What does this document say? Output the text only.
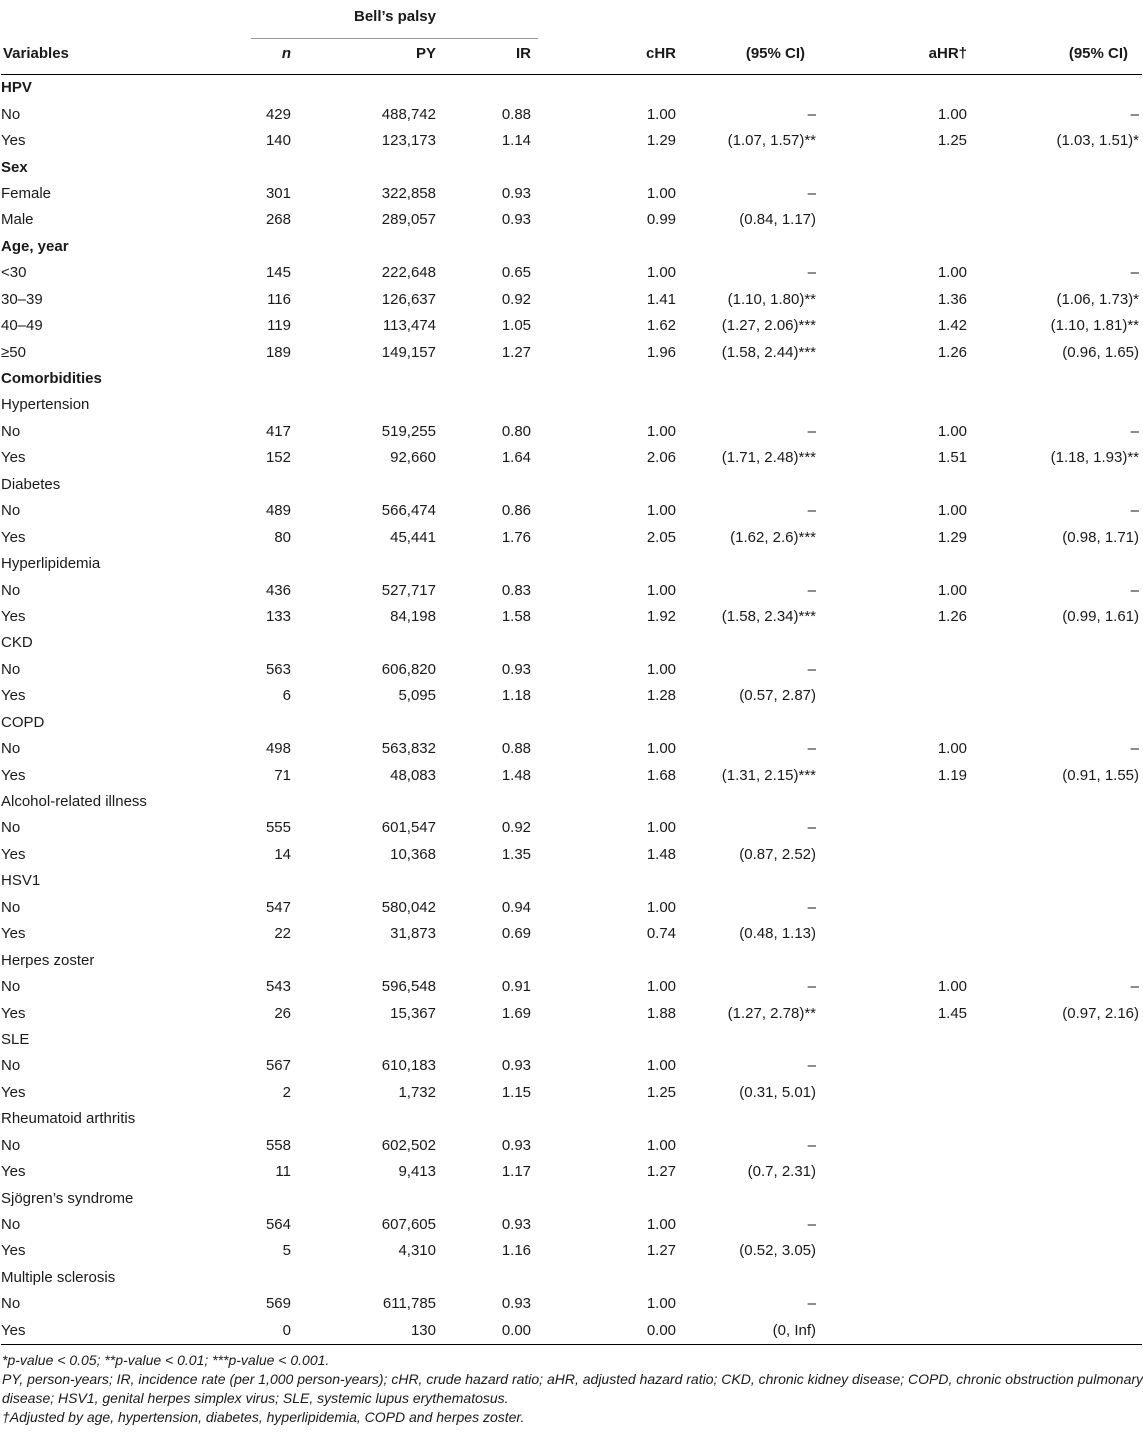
	Bell’s palsy						
Variables	n	PY	IR	cHR	(95% CI)	aHR†	(95% CI)
HPV							
No	429	488,742	0.88	1.00	–	1.00	–
Yes	140	123,173	1.14	1.29	(1.07, 1.57)**	1.25	(1.03, 1.51)*
Sex							
Female	301	322,858	0.93	1.00	–		
Male	268	289,057	0.93	0.99	(0.84, 1.17)		
Age, year							
<30	145	222,648	0.65	1.00	–	1.00	–
30–39	116	126,637	0.92	1.41	(1.10, 1.80)**	1.36	(1.06, 1.73)*
40–49	119	113,474	1.05	1.62	(1.27, 2.06)***	1.42	(1.10, 1.81)**
≥50	189	149,157	1.27	1.96	(1.58, 2.44)***	1.26	(0.96, 1.65)
Comorbidities							
Hypertension							
No	417	519,255	0.80	1.00	–	1.00	–
Yes	152	92,660	1.64	2.06	(1.71, 2.48)***	1.51	(1.18, 1.93)**
Diabetes							
No	489	566,474	0.86	1.00	–	1.00	–
Yes	80	45,441	1.76	2.05	(1.62, 2.6)***	1.29	(0.98, 1.71)
Hyperlipidemia							
No	436	527,717	0.83	1.00	–	1.00	–
Yes	133	84,198	1.58	1.92	(1.58, 2.34)***	1.26	(0.99, 1.61)
CKD							
No	563	606,820	0.93	1.00	–		
Yes	6	5,095	1.18	1.28	(0.57, 2.87)		
COPD							
No	498	563,832	0.88	1.00	–	1.00	–
Yes	71	48,083	1.48	1.68	(1.31, 2.15)***	1.19	(0.91, 1.55)
Alcohol-related illness							
No	555	601,547	0.92	1.00	–		
Yes	14	10,368	1.35	1.48	(0.87, 2.52)		
HSV1							
No	547	580,042	0.94	1.00	–		
Yes	22	31,873	0.69	0.74	(0.48, 1.13)		
Herpes zoster							
No	543	596,548	0.91	1.00	–	1.00	–
Yes	26	15,367	1.69	1.88	(1.27, 2.78)**	1.45	(0.97, 2.16)
SLE							
No	567	610,183	0.93	1.00	–		
Yes	2	1,732	1.15	1.25	(0.31, 5.01)		
Rheumatoid arthritis							
No	558	602,502	0.93	1.00	–		
Yes	11	9,413	1.17	1.27	(0.7, 2.31)		
Sjögren’s syndrome							
No	564	607,605	0.93	1.00	–		
Yes	5	4,310	1.16	1.27	(0.52, 3.05)		
Multiple sclerosis							
No	569	611,785	0.93	1.00	–		
Yes	0	130	0.00	0.00	(0, Inf)		
*p-value < 0.05; **p-value < 0.01; ***p-value < 0.001.
PY, person-years; IR, incidence rate (per 1,000 person-years); cHR, crude hazard ratio; aHR, adjusted hazard ratio; CKD, chronic kidney disease; COPD, chronic obstruction pulmonary disease; HSV1, genital herpes simplex virus; SLE, systemic lupus erythematosus.
†Adjusted by age, hypertension, diabetes, hyperlipidemia, COPD and herpes zoster.
